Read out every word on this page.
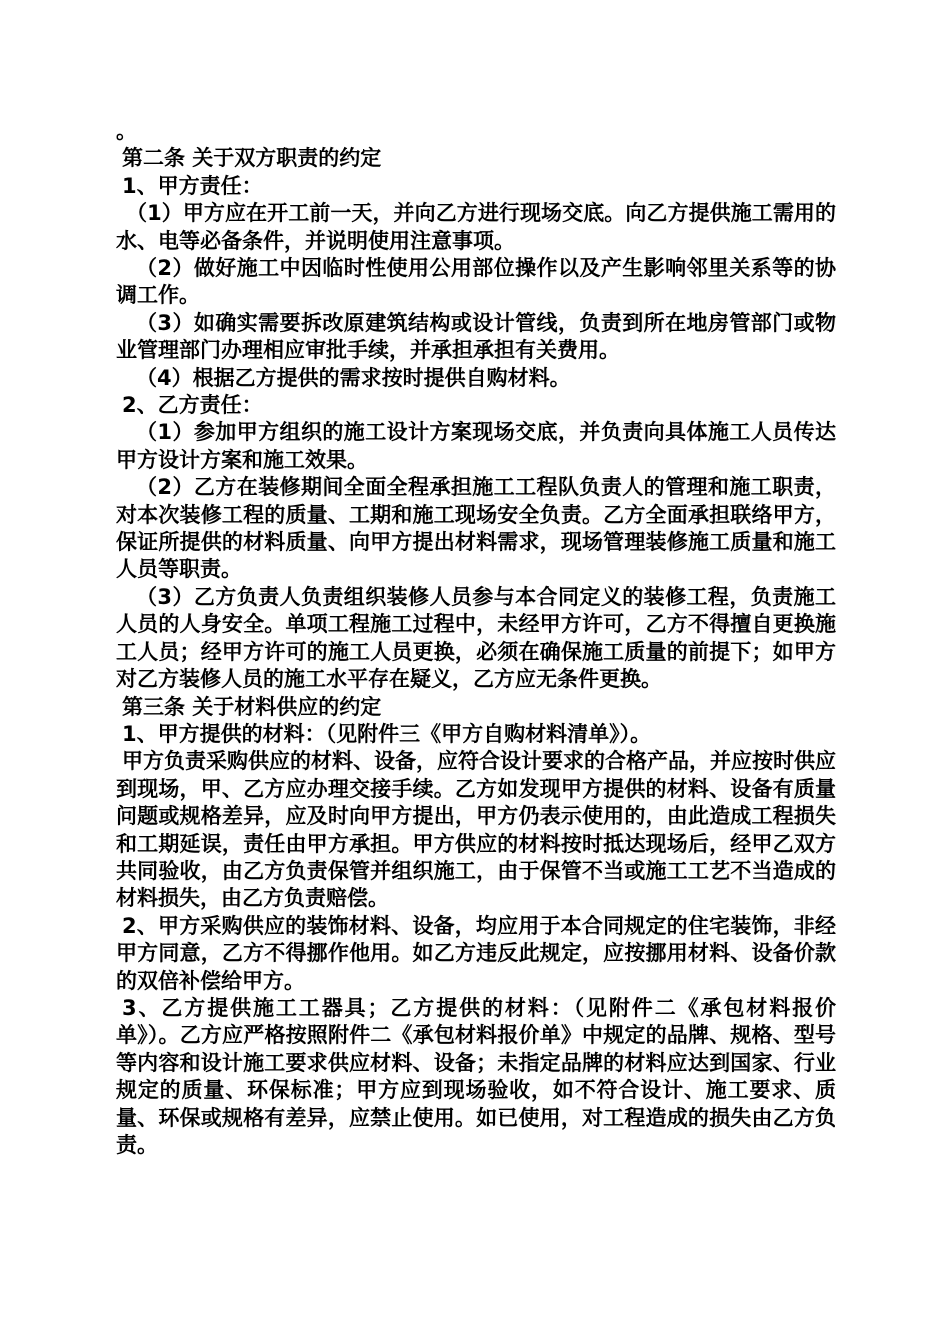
。

第二条 关于双方职责的约定

1、甲方责任：

（1）甲方应在开工前一天，并向乙方进行现场交底。向乙方提供施工需用的水、电等必备条件，并说明使用注意事项。

（2）做好施工中因临时性使用公用部位操作以及产生影响邻里关系等的协调工作。

（3）如确实需要拆改原建筑结构或设计管线，负责到所在地房管部门或物业管理部门办理相应审批手续，并承担承担有关费用。

（4）根据乙方提供的需求按时提供自购材料。

2、乙方责任：

（1）参加甲方组织的施工设计方案现场交底，并负责向具体施工人员传达甲方设计方案和施工效果。

（2）乙方在装修期间全面全程承担施工工程队负责人的管理和施工职责，对本次装修工程的质量、工期和施工现场安全负责。乙方全面承担联络甲方，保证所提供的材料质量、向甲方提出材料需求，现场管理装修施工质量和施工人员等职责。

（3）乙方负责人负责组织装修人员参与本合同定义的装修工程，负责施工人员的人身安全。单项工程施工过程中，未经甲方许可，乙方不得擅自更换施工人员；经甲方许可的施工人员更换，必须在确保施工质量的前提下；如甲方对乙方装修人员的施工水平存在疑义，乙方应无条件更换。

第三条 关于材料供应的约定

1、甲方提供的材料：（见附件三《甲方自购材料清单》）。

甲方负责采购供应的材料、设备，应符合设计要求的合格产品，并应按时供应到现场，甲、乙方应办理交接手续。乙方如发现甲方提供的材料、设备有质量问题或规格差异，应及时向甲方提出，甲方仍表示使用的，由此造成工程损失和工期延误，责任由甲方承担。甲方供应的材料按时抵达现场后，经甲乙双方共同验收，由乙方负责保管并组织施工，由于保管不当或施工工艺不当造成的材料损失，由乙方负责赔偿。

2、甲方采购供应的装饰材料、设备，均应用于本合同规定的住宅装饰，非经甲方同意，乙方不得挪作他用。如乙方违反此规定，应按挪用材料、设备价款的双倍补偿给甲方。

3、乙方提供施工工器具；乙方提供的材料：（见附件二《承包材料报价单》）。乙方应严格按照附件二《承包材料报价单》中规定的品牌、规格、型号等内容和设计施工要求供应材料、设备；未指定品牌的材料应达到国家、行业规定的质量、环保标准；甲方应到现场验收，如不符合设计、施工要求、质量、环保或规格有差异，应禁止使用。如已使用，对工程造成的损失由乙方负责。
